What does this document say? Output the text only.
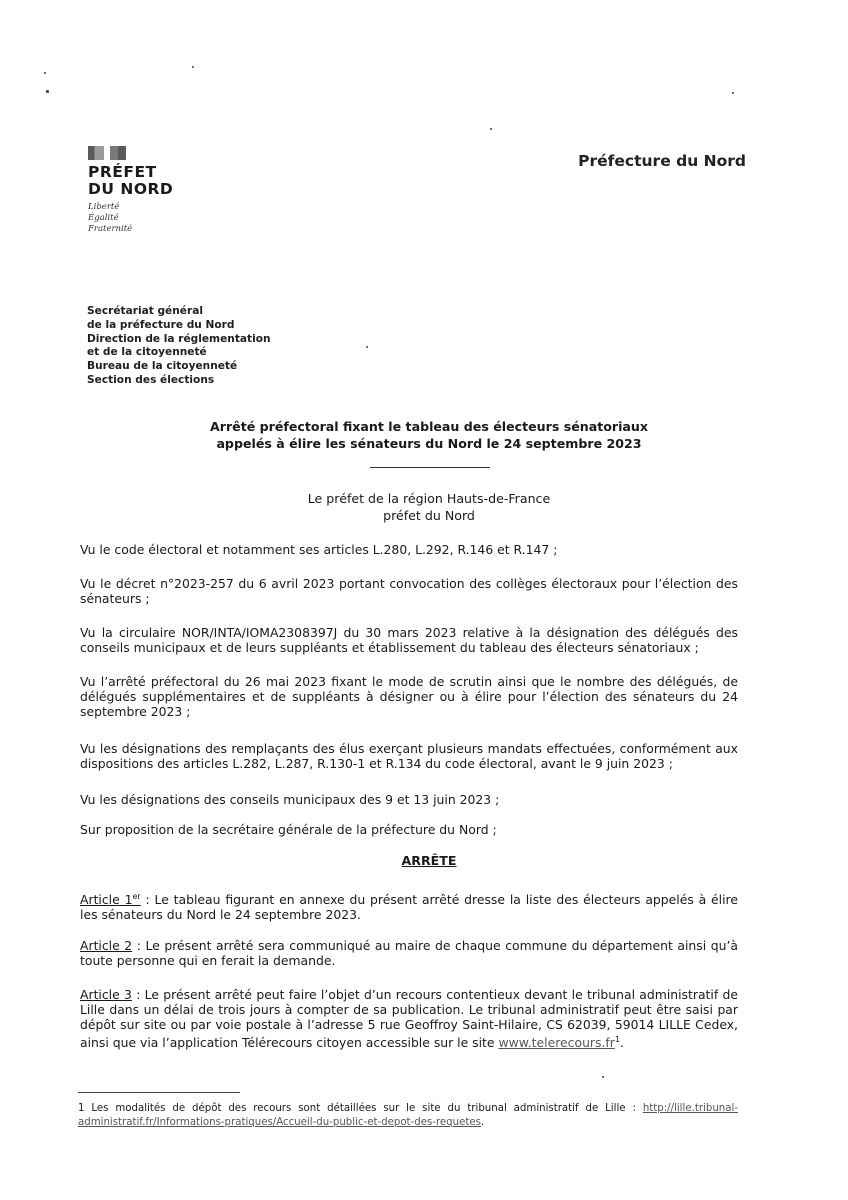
PRÉFET
DU NORD
Liberté
Égalité
Fraternité
Préfecture du Nord
Secrétariat général
de la préfecture du Nord
Direction de la réglementation
et de la citoyenneté
Bureau de la citoyenneté
Section des élections
Arrêté préfectoral fixant le tableau des électeurs sénatoriaux
appelés à élire les sénateurs du Nord le 24 septembre 2023
Le préfet de la région Hauts-de-France
préfet du Nord
Vu le code électoral et notamment ses articles L.280, L.292, R.146 et R.147 ;
Vu le décret n°2023-257 du 6 avril 2023 portant convocation des collèges électoraux pour l’élection des sénateurs ;
Vu la circulaire NOR/INTA/IOMA2308397J du 30 mars 2023 relative à la désignation des délégués des conseils municipaux et de leurs suppléants et établissement du tableau des électeurs sénatoriaux ;
Vu l’arrêté préfectoral du 26 mai 2023 fixant le mode de scrutin ainsi que le nombre des délégués, de délégués supplémentaires et de suppléants à désigner ou à élire pour l’élection des sénateurs du 24 septembre 2023 ;
Vu les désignations des remplaçants des élus exerçant plusieurs mandats effectuées, conformément aux dispositions des articles L.282, L.287, R.130-1 et R.134 du code électoral, avant le 9 juin 2023 ;
Vu les désignations des conseils municipaux des 9 et 13 juin 2023 ;
Sur proposition de la secrétaire générale de la préfecture du Nord ;
ARRÊTE
Article 1er : Le tableau figurant en annexe du présent arrêté dresse la liste des électeurs appelés à élire les sénateurs du Nord le 24 septembre 2023.
Article 2 : Le présent arrêté sera communiqué au maire de chaque commune du département ainsi qu’à toute personne qui en ferait la demande.
Article 3 : Le présent arrêté peut faire l’objet d’un recours contentieux devant le tribunal administratif de Lille dans un délai de trois jours à compter de sa publication. Le tribunal administratif peut être saisi par dépôt sur site ou par voie postale à l’adresse 5 rue Geoffroy Saint-Hilaire, CS 62039, 59014 LILLE Cedex, ainsi que via l’application Télérecours citoyen accessible sur le site $www.telerecours.fr^1$.
1 Les modalités de dépôt des recours sont détaillées sur le site du tribunal administratif de Lille : http://lille.tribunal-administratif.fr/Informations-pratiques/Accueil-du-public-et-depot-des-requetes.
